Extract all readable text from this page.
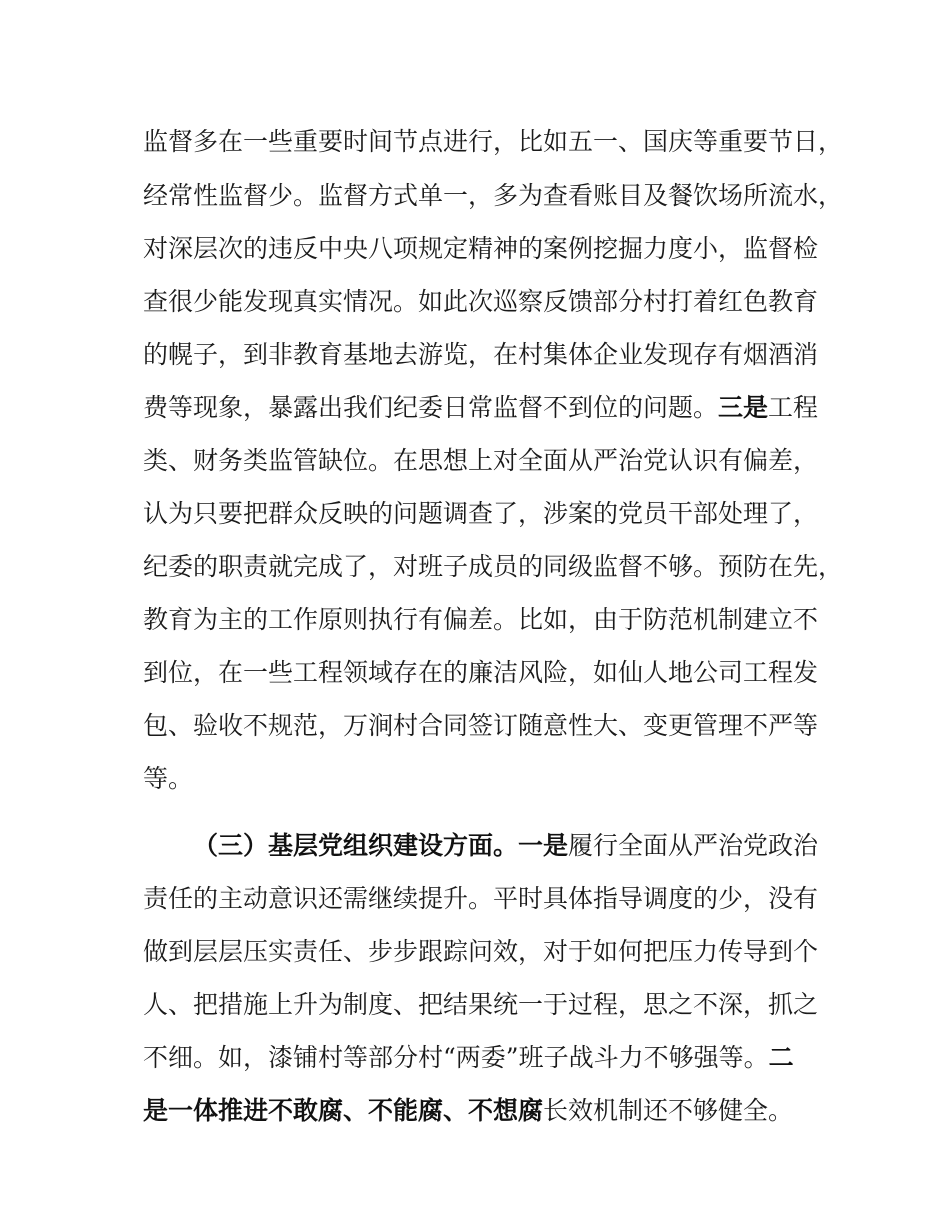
监督多在一些重要时间节点进行，比如五一、国庆等重要节日，
经常性监督少。监督方式单一，多为查看账目及餐饮场所流水，
对深层次的违反中央八项规定精神的案例挖掘力度小，监督检
查很少能发现真实情况。如此次巡察反馈部分村打着红色教育
的幌子，到非教育基地去游览，在村集体企业发现存有烟酒消
费等现象，暴露出我们纪委日常监督不到位的问题。三是工程
类、财务类监管缺位。在思想上对全面从严治党认识有偏差，
认为只要把群众反映的问题调查了，涉案的党员干部处理了，
纪委的职责就完成了，对班子成员的同级监督不够。预防在先，
教育为主的工作原则执行有偏差。比如，由于防范机制建立不
到位，在一些工程领域存在的廉洁风险，如仙人地公司工程发
包、验收不规范，万涧村合同签订随意性大、变更管理不严等
等。
（三）基层党组织建设方面。一是履行全面从严治党政治
责任的主动意识还需继续提升。平时具体指导调度的少，没有
做到层层压实责任、步步跟踪问效，对于如何把压力传导到个
人、把措施上升为制度、把结果统一于过程，思之不深，抓之
不细。如，漆铺村等部分村“两委”班子战斗力不够强等。二
是一体推进不敢腐、不能腐、不想腐长效机制还不够健全。
